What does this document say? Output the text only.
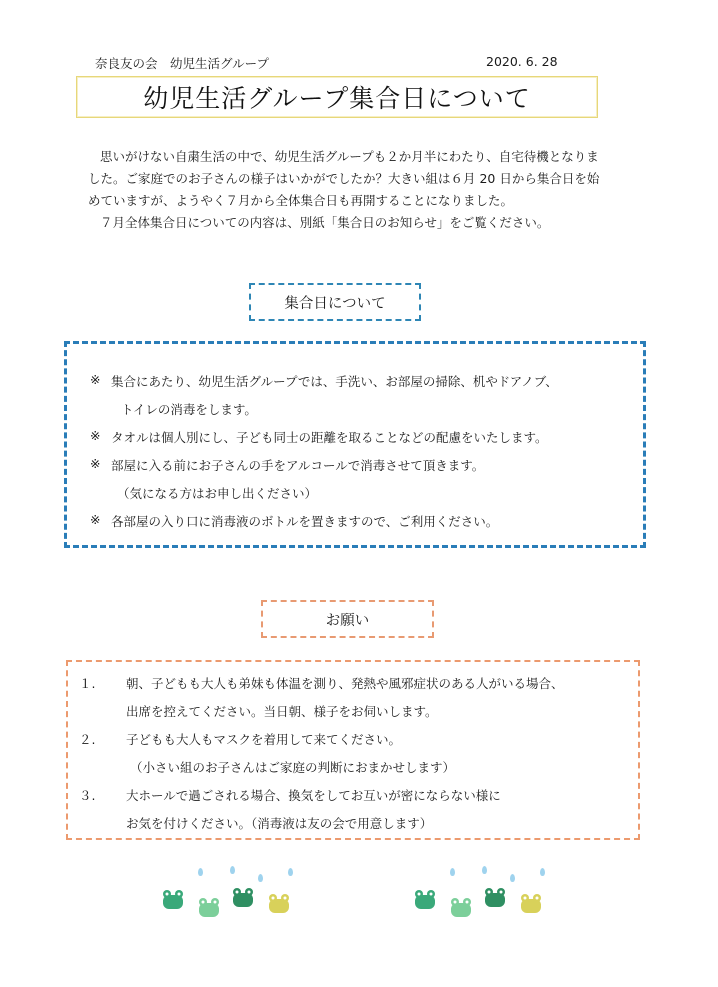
奈良友の会　幼児生活グループ	2020. 6. 28
幼児生活グループ集合日について

思いがけない自粛生活の中で、幼児生活グループも２か月半にわたり、自宅待機となりま

した。ご家庭でのお子さんの様子はいかがでしたか？大きい組は６月 20 日から集合日を始

めていますが、ようやく７月から全体集合日も再開することになりました。

７月全体集合日についての内容は、別紙「集合日のお知らせ」をご覧ください。

集合日について
※ 集合にあたり、幼児生活グループでは、手洗い、お部屋の掃除、机やドアノブ、
トイレの消毒をします。
※ タオルは個人別にし、子ども同士の距離を取ることなどの配慮をいたします。
※ 部屋に入る前にお子さんの手をアルコールで消毒させて頂きます。
（気になる方はお申し出ください）
※ 各部屋の入り口に消毒液のボトルを置きますので、ご利用ください。
お願い
１. 朝、子どもも大人も弟妹も体温を測り、発熱や風邪症状のある人がいる場合、
出席を控えてください。当日朝、様子をお伺いします。
２. 子どもも大人もマスクを着用して来てください。
（小さい組のお子さんはご家庭の判断におまかせします）
３. 大ホールで過ごされる場合、換気をしてお互いが密にならない様に
お気を付けください。（消毒液は友の会で用意します）
